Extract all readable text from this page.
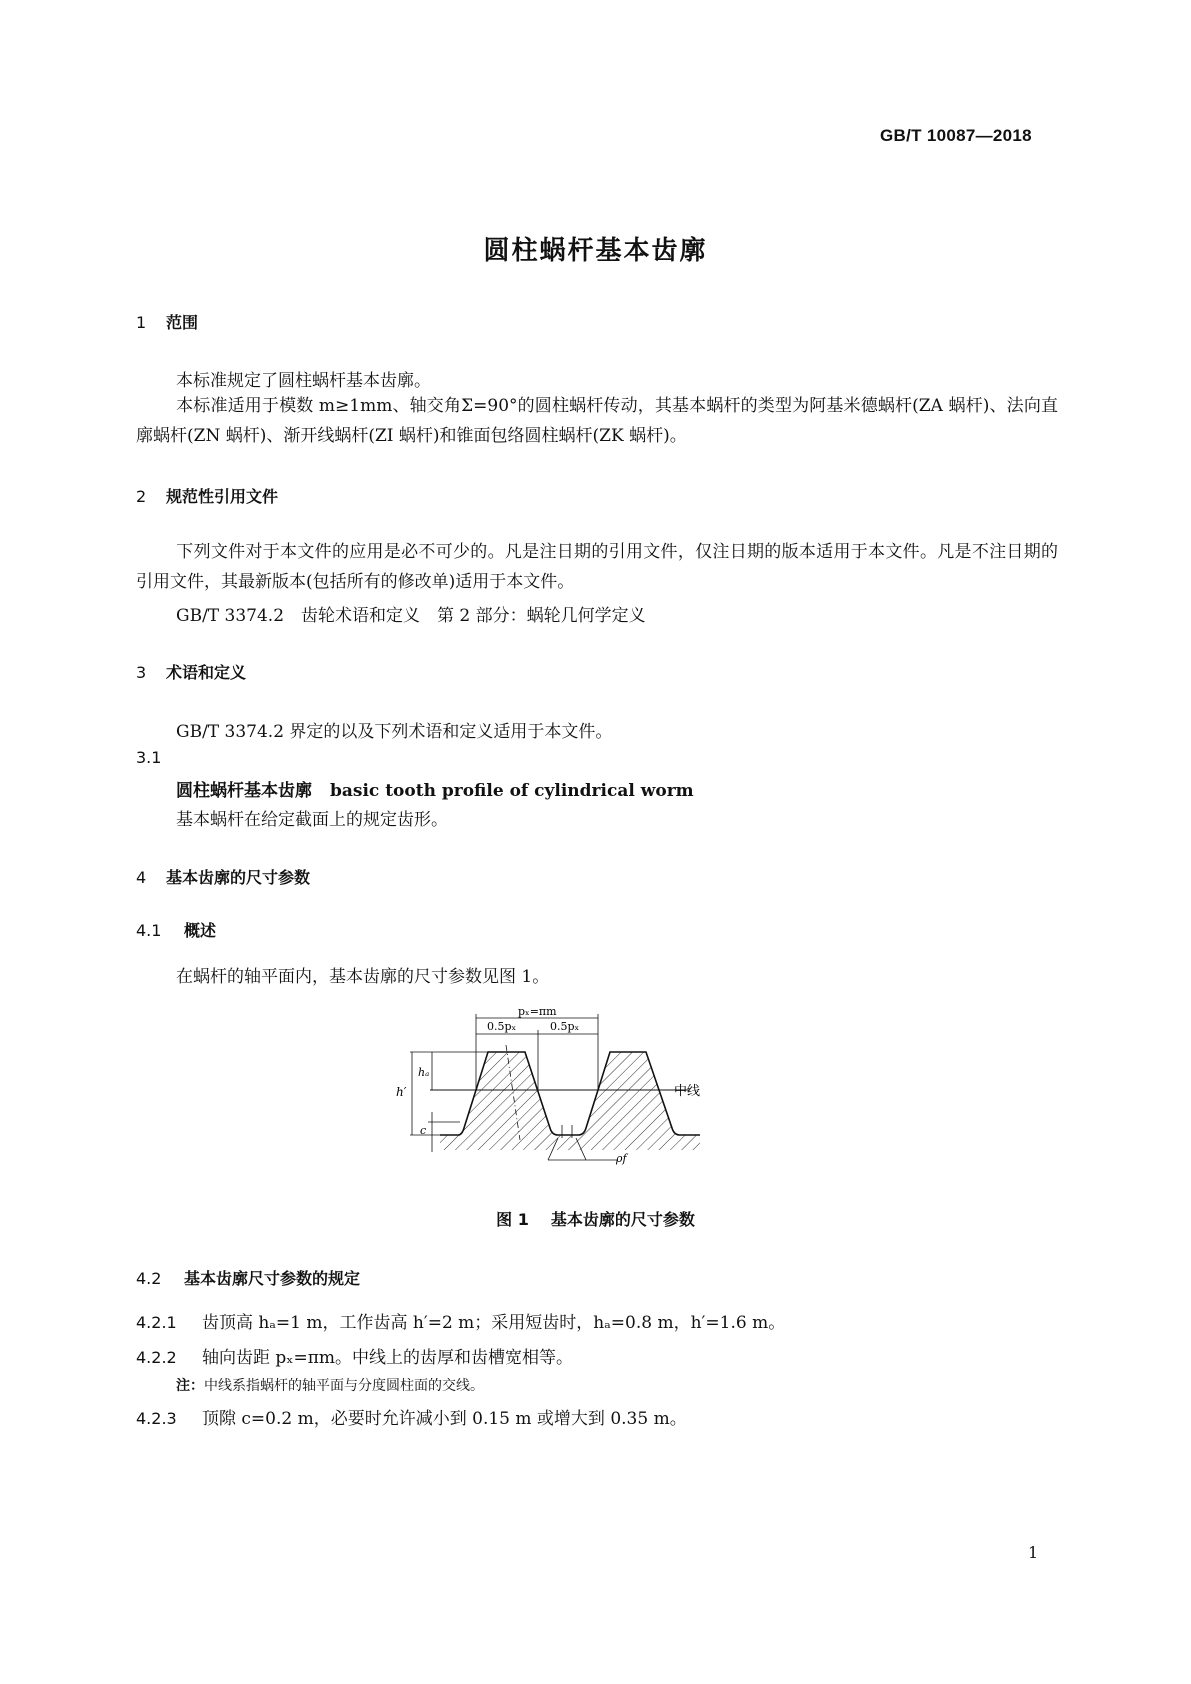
GB/T 10087—2018
圆柱蜗杆基本齿廓
1 范围
本标准规定了圆柱蜗杆基本齿廓。
本标准适用于模数 m≥1mm、轴交角Σ=90°的圆柱蜗杆传动，其基本蜗杆的类型为阿基米德蜗杆(ZA 蜗杆)、法向直廓蜗杆(ZN 蜗杆)、渐开线蜗杆(ZI 蜗杆)和锥面包络圆柱蜗杆(ZK 蜗杆)。
2 规范性引用文件
下列文件对于本文件的应用是必不可少的。凡是注日期的引用文件，仅注日期的版本适用于本文件。凡是不注日期的引用文件，其最新版本(包括所有的修改单)适用于本文件。
GB/T 3374.2　齿轮术语和定义　第 2 部分：蜗轮几何学定义
3 术语和定义
GB/T 3374.2 界定的以及下列术语和定义适用于本文件。
3.1
圆柱蜗杆基本齿廓 basic tooth profile of cylindrical worm
基本蜗杆在给定截面上的规定齿形。
4 基本齿廓的尺寸参数
4.1 概述
在蜗杆的轴平面内，基本齿廓的尺寸参数见图 1。
pₓ=πm
0.5pₓ	0.5pₓ
h′
hₐ
c
中线
ρf
图 1 基本齿廓的尺寸参数
4.2 基本齿廓尺寸参数的规定
4.2.1 齿顶高 hₐ=1 m，工作齿高 h′=2 m；采用短齿时，hₐ=0.8 m，h′=1.6 m。
4.2.2 轴向齿距 pₓ=πm。中线上的齿厚和齿槽宽相等。
注：中线系指蜗杆的轴平面与分度圆柱面的交线。
4.2.3 顶隙 c=0.2 m，必要时允许减小到 0.15 m 或增大到 0.35 m。
1
